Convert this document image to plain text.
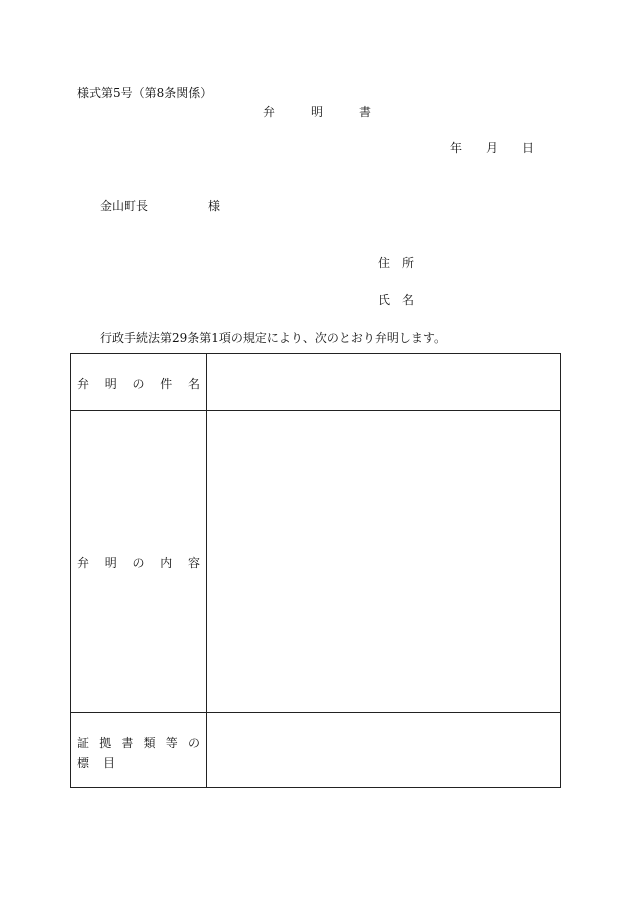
様式第5号（第8条関係）
弁	明	書
年 月 日
金山町長　　　　　様
住　所
氏　名
行政手続法第29条第1項の規定により、次のとおり弁明します。
弁 明 の 件 名
弁 明 の 内 容
証 拠 書 類 等 の
標 目
